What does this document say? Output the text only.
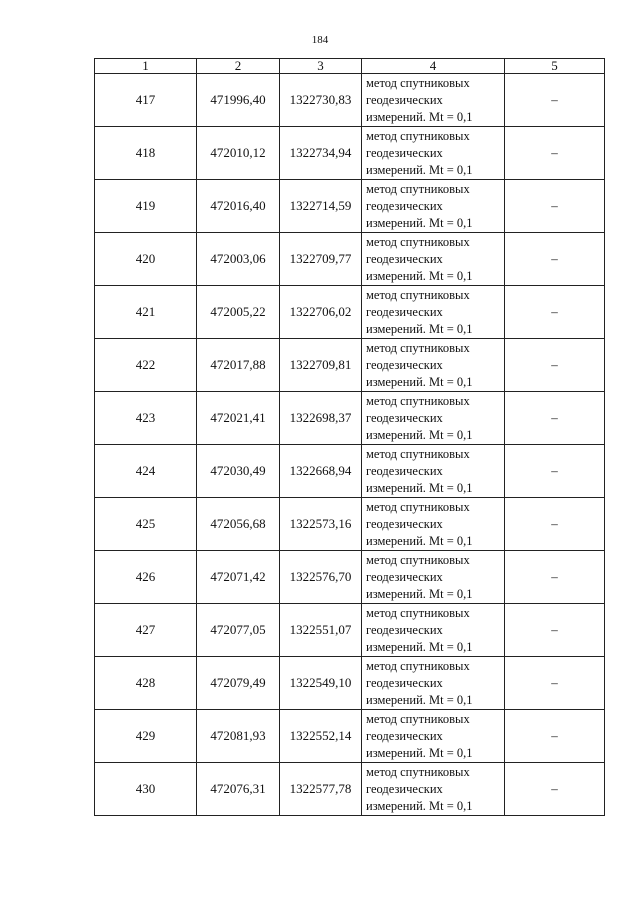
184
1	2	3	4	5
417	471996,40	1322730,83	метод спутниковых
геодезических
измерений. Mt = 0,1	–
418	472010,12	1322734,94	метод спутниковых
геодезических
измерений. Mt = 0,1	–
419	472016,40	1322714,59	метод спутниковых
геодезических
измерений. Mt = 0,1	–
420	472003,06	1322709,77	метод спутниковых
геодезических
измерений. Mt = 0,1	–
421	472005,22	1322706,02	метод спутниковых
геодезических
измерений. Mt = 0,1	–
422	472017,88	1322709,81	метод спутниковых
геодезических
измерений. Mt = 0,1	–
423	472021,41	1322698,37	метод спутниковых
геодезических
измерений. Mt = 0,1	–
424	472030,49	1322668,94	метод спутниковых
геодезических
измерений. Mt = 0,1	–
425	472056,68	1322573,16	метод спутниковых
геодезических
измерений. Mt = 0,1	–
426	472071,42	1322576,70	метод спутниковых
геодезических
измерений. Mt = 0,1	–
427	472077,05	1322551,07	метод спутниковых
геодезических
измерений. Mt = 0,1	–
428	472079,49	1322549,10	метод спутниковых
геодезических
измерений. Mt = 0,1	–
429	472081,93	1322552,14	метод спутниковых
геодезических
измерений. Mt = 0,1	–
430	472076,31	1322577,78	метод спутниковых
геодезических
измерений. Mt = 0,1	–
